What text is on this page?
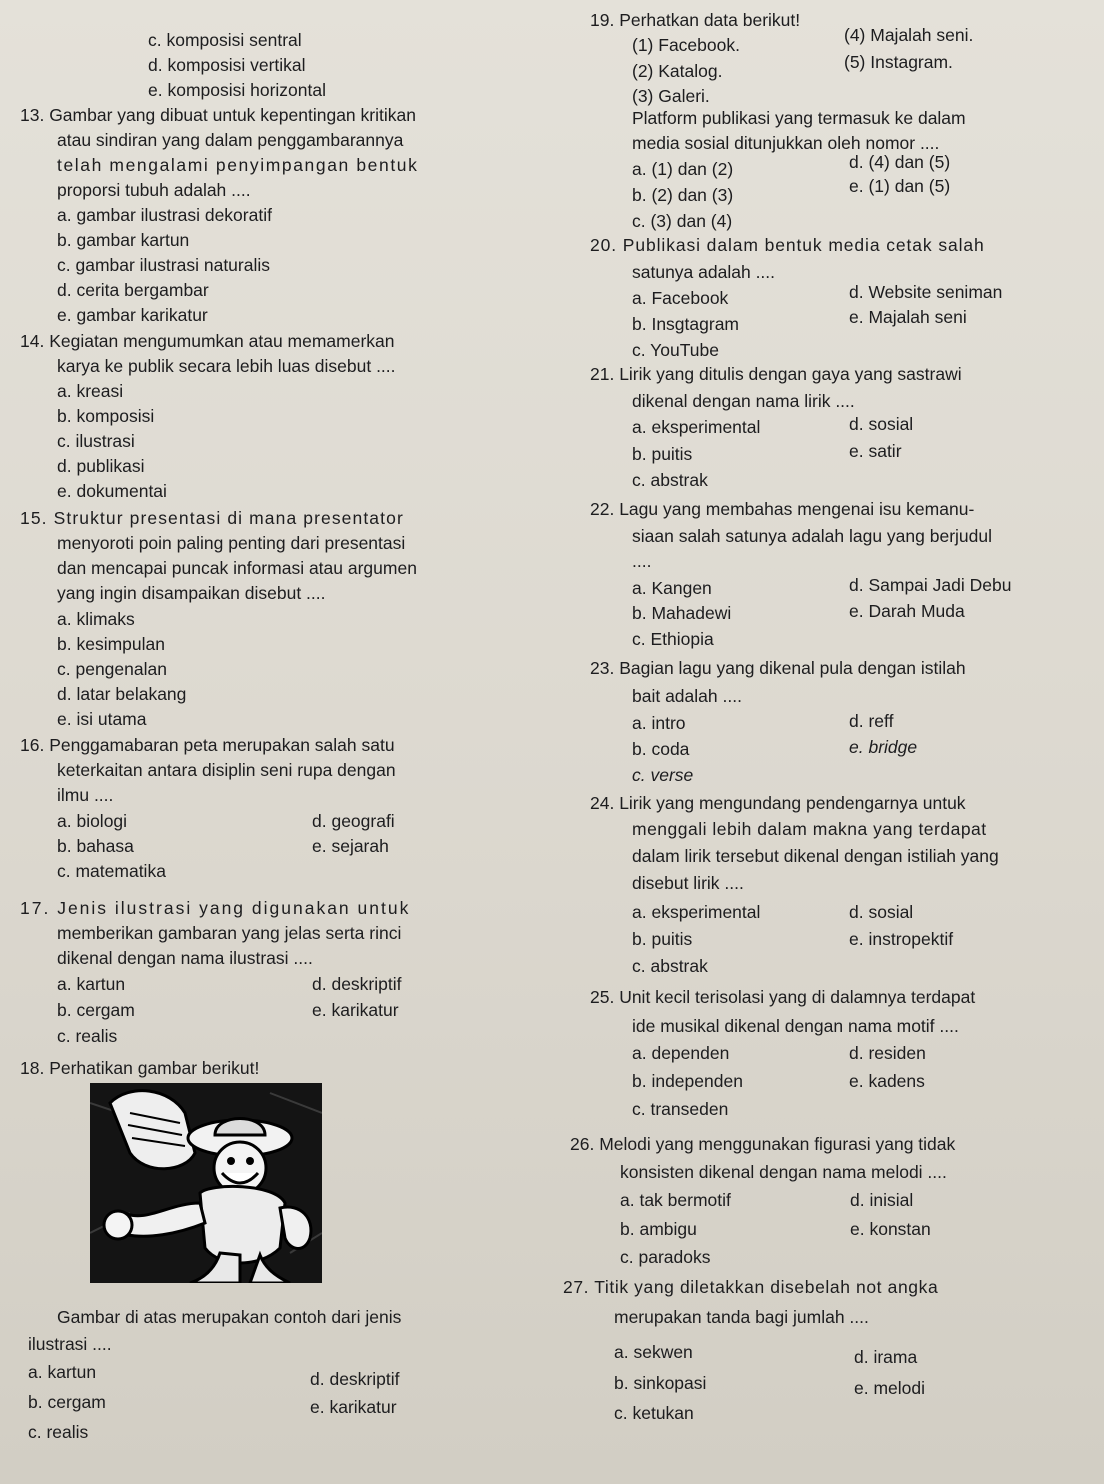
c. komposisi sentral
d. komposisi vertikal
e. komposisi horizontal
13. Gambar yang dibuat untuk kepentingan kritikan
atau sindiran yang dalam penggambarannya
telah mengalami penyimpangan bentuk
proporsi tubuh adalah ....
a. gambar ilustrasi dekoratif
b. gambar kartun
c. gambar ilustrasi naturalis
d. cerita bergambar
e. gambar karikatur
14. Kegiatan mengumumkan atau memamerkan
karya ke publik secara lebih luas disebut ....
a. kreasi
b. komposisi
c. ilustrasi
d. publikasi
e. dokumentai
15. Struktur presentasi di mana presentator
menyoroti poin paling penting dari presentasi
dan mencapai puncak informasi atau argumen
yang ingin disampaikan disebut ....
a. klimaks
b. kesimpulan
c. pengenalan
d. latar belakang
e. isi utama
16. Penggamabaran peta merupakan salah satu
keterkaitan antara disiplin seni rupa dengan
ilmu ....
a. biologi	d. geografi
b. bahasa	e. sejarah
c. matematika
17. Jenis ilustrasi yang digunakan untuk
memberikan gambaran yang jelas serta rinci
dikenal dengan nama ilustrasi ....
a. kartun	d. deskriptif
b. cergam	e. karikatur
c. realis
18. Perhatikan gambar berikut!
Gambar di atas merupakan contoh dari jenis
ilustrasi ....
a. kartun	d. deskriptif
b. cergam	e. karikatur
c. realis
19. Perhatkan data berikut!
(1) Facebook.	(4) Majalah seni.
(2) Katalog.	(5) Instagram.
(3) Galeri.
Platform publikasi yang termasuk ke dalam
media sosial ditunjukkan oleh nomor ....
a. (1) dan (2)	d. (4) dan (5)
b. (2) dan (3)	e. (1) dan (5)
c. (3) dan (4)
20. Publikasi dalam bentuk media cetak salah
satunya adalah ....
a. Facebook	d. Website seniman
b. Insgtagram	e. Majalah seni
c. YouTube
21. Lirik yang ditulis dengan gaya yang sastrawi
dikenal dengan nama lirik ....
a. eksperimental	d. sosial
b. puitis	e. satir
c. abstrak
22. Lagu yang membahas mengenai isu kemanu-
siaan salah satunya adalah lagu yang berjudul
....
a. Kangen	d. Sampai Jadi Debu
b. Mahadewi	e. Darah Muda
c. Ethiopia
23. Bagian lagu yang dikenal pula dengan istilah
bait adalah ....
a. intro	d. reff
b. coda	e. bridge
c. verse
24. Lirik yang mengundang pendengarnya untuk
menggali lebih dalam makna yang terdapat
dalam lirik tersebut dikenal dengan istiliah yang
disebut lirik ....
a. eksperimental	d. sosial
b. puitis	e. instropektif
c. abstrak
25. Unit kecil terisolasi yang di dalamnya terdapat
ide musikal dikenal dengan nama motif ....
a. dependen	d. residen
b. independen	e. kadens
c. transeden
26. Melodi yang menggunakan figurasi yang tidak
konsisten dikenal dengan nama melodi ....
a. tak bermotif	d. inisial
b. ambigu	e. konstan
c. paradoks
27. Titik yang diletakkan disebelah not angka
merupakan tanda bagi jumlah ....
a. sekwen	d. irama
b. sinkopasi	e. melodi
c. ketukan
